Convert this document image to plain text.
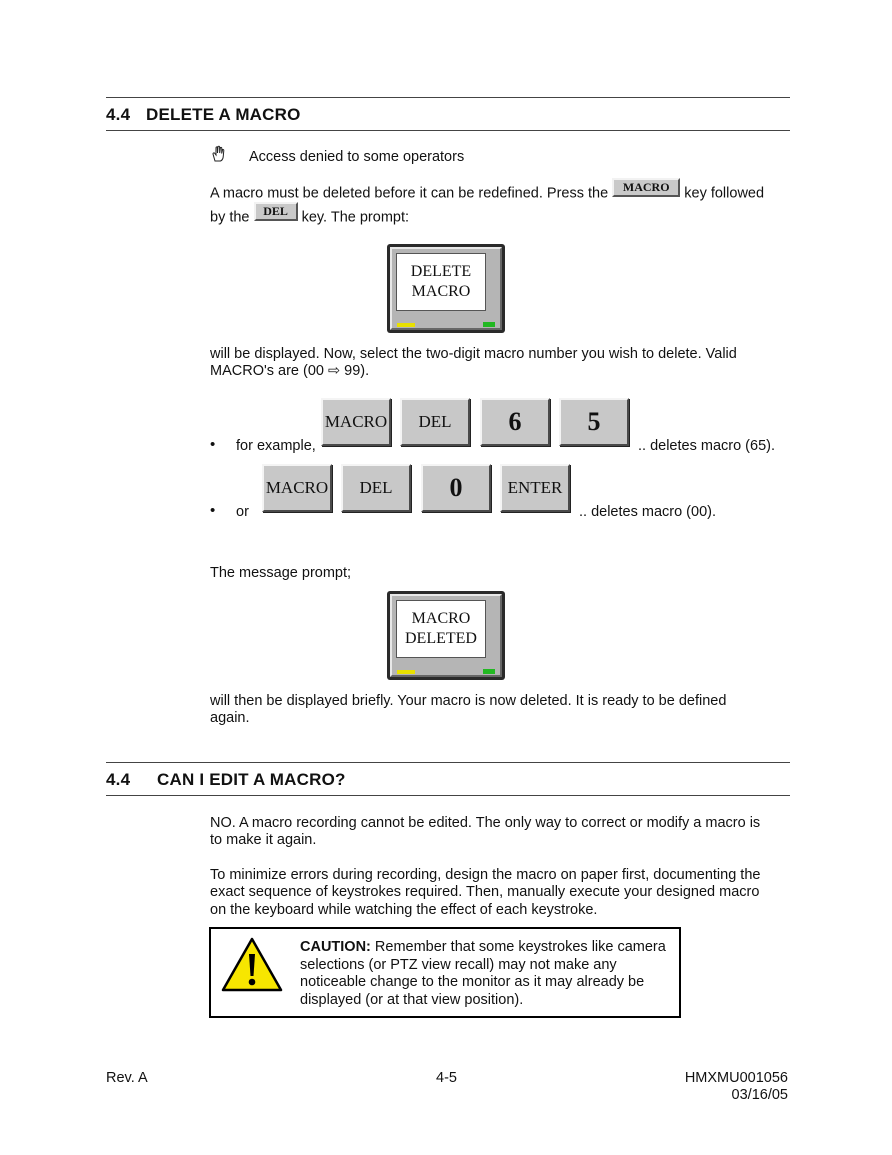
4.4 DELETE A MACRO
Access denied to some operators
A macro must be deleted before it can be redefined. Press the MACRO key followed
by the DEL key. The prompt:
DELETE
MACRO
will be displayed. Now, select the two-digit macro number you wish to delete. Valid
MACRO's are (00 ⇨ 99).
• for example,
MACRO	DEL	6	5
.. deletes macro (65).
• or
MACRO	DEL	0	ENTER
.. deletes macro (00).
The message prompt;
MACRO
DELETED
will then be displayed briefly. Your macro is now deleted. It is ready to be defined
again.
4.4 CAN I EDIT A MACRO?
NO. A macro recording cannot be edited. The only way to correct or modify a macro is
to make it again.
To minimize errors during recording, design the macro on paper first, documenting the
exact sequence of keystrokes required. Then, manually execute your designed macro
on the keyboard while watching the effect of each keystroke.
CAUTION: Remember that some keystrokes like camera
selections (or PTZ view recall) may not make any
noticeable change to the monitor as it may already be
displayed (or at that view position).
Rev. A	4-5	HMXMU001056
03/16/05
